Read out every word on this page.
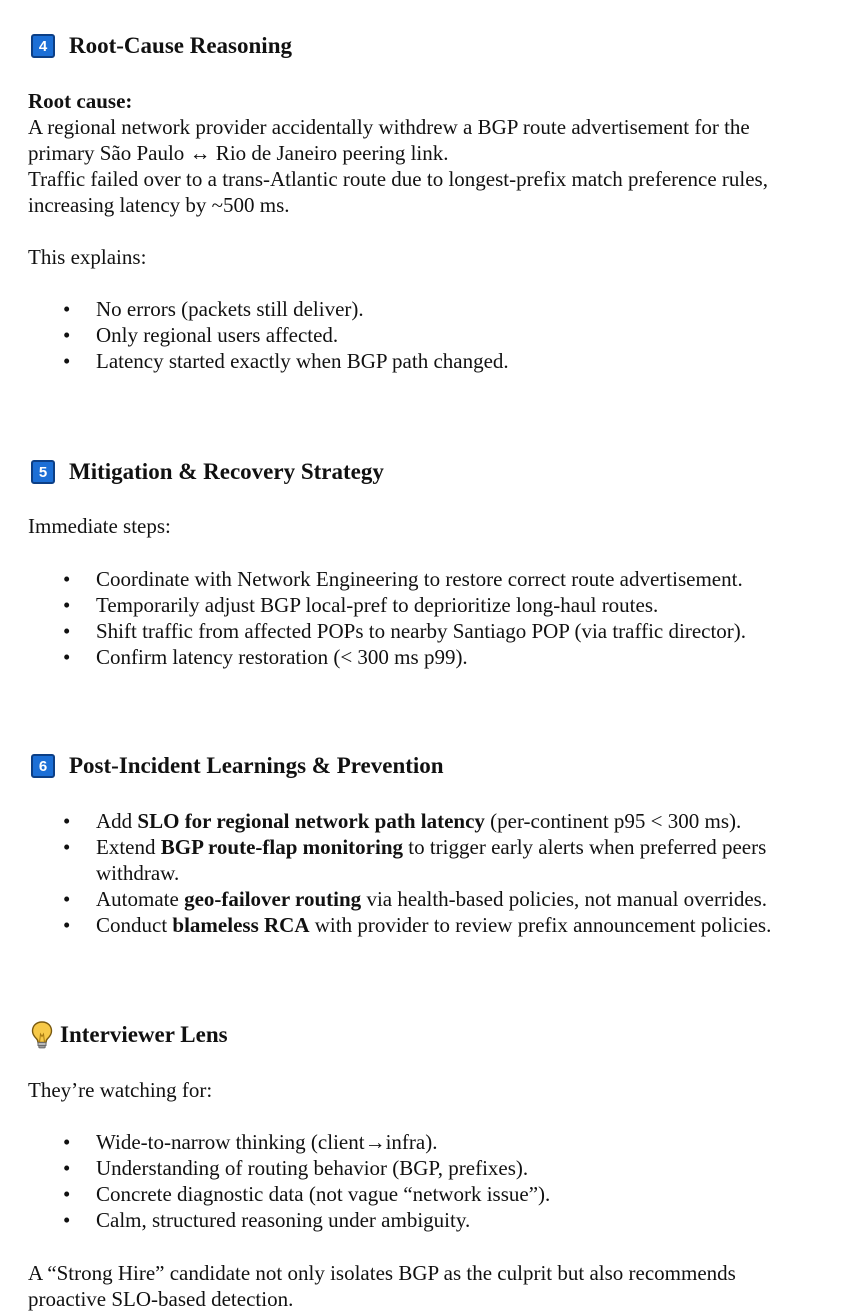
4 Root-Cause Reasoning
Root cause:
A regional network provider accidentally withdrew a BGP route advertisement for the
primary São Paulo ↔ Rio de Janeiro peering link.
Traffic failed over to a trans-Atlantic route due to longest-prefix match preference rules,
increasing latency by ~500 ms.
This explains:
• No errors (packets still deliver).
• Only regional users affected.
• Latency started exactly when BGP path changed.
5 Mitigation & Recovery Strategy
Immediate steps:
• Coordinate with Network Engineering to restore correct route advertisement.
• Temporarily adjust BGP local-pref to deprioritize long-haul routes.
• Shift traffic from affected POPs to nearby Santiago POP (via traffic director).
• Confirm latency restoration (< 300 ms p99).
6 Post-Incident Learnings & Prevention
• Add SLO for regional network path latency (per-continent p95 < 300 ms).
• Extend BGP route-flap monitoring to trigger early alerts when preferred peers withdraw.
• Automate geo-failover routing via health-based policies, not manual overrides.
• Conduct blameless RCA with provider to review prefix announcement policies.
Interviewer Lens
They’re watching for:
• Wide-to-narrow thinking (client→infra).
• Understanding of routing behavior (BGP, prefixes).
• Concrete diagnostic data (not vague “network issue”).
• Calm, structured reasoning under ambiguity.
A “Strong Hire” candidate not only isolates BGP as the culprit but also recommends
proactive SLO-based detection.
